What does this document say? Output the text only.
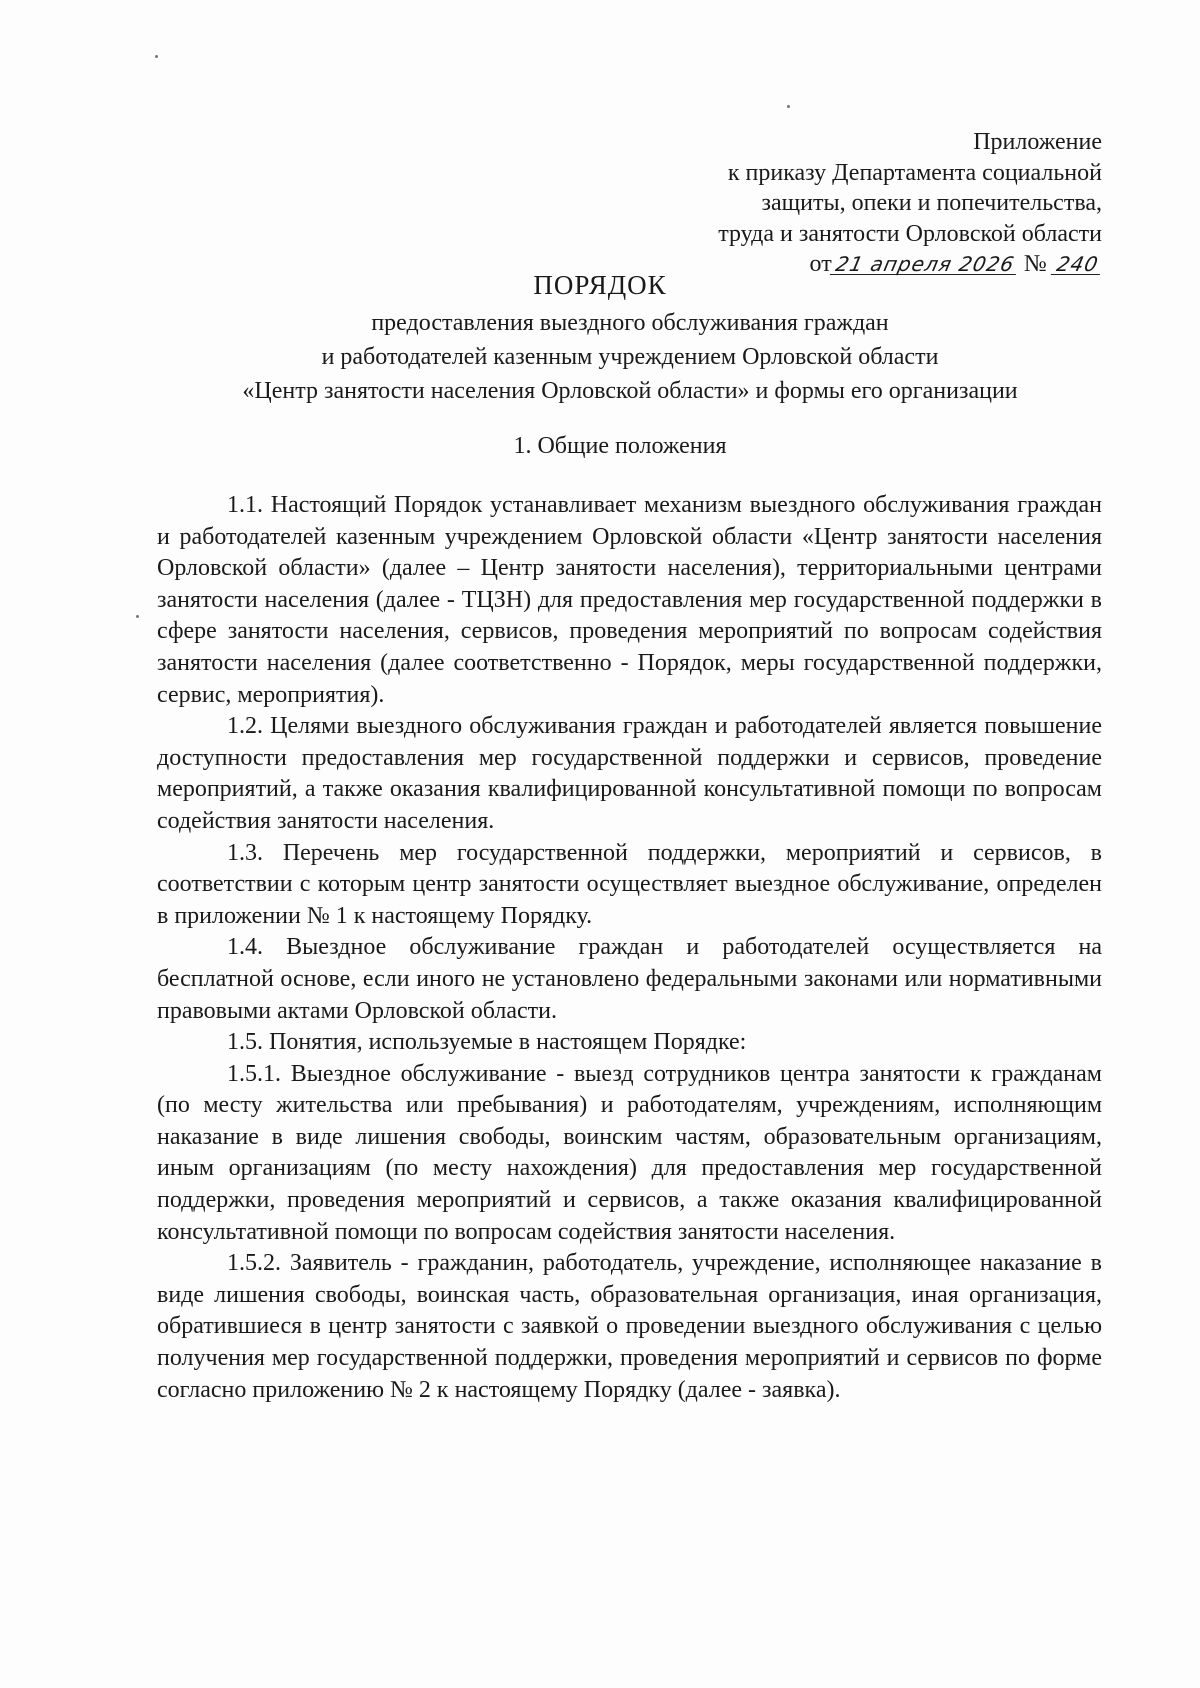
Приложение
к приказу Департамента социальной
защиты, опеки и попечительства,
труда и занятости Орловской области
от21 апреля 2026 № 240
ПОРЯДОК
предоставления выездного обслуживания граждан
и работодателей казенным учреждением Орловской области
«Центр занятости населения Орловской области» и формы его организации
1. Общие положения

1.1. Настоящий Порядок устанавливает механизм выездного обслуживания граждан и работодателей казенным учреждением Орловской области «Центр занятости населения Орловской области» (далее – Центр занятости населения), территориальными центрами занятости населения (далее - ТЦЗН) для предоставления мер государственной поддержки в сфере занятости населения, сервисов, проведения мероприятий по вопросам содействия занятости населения (далее соответственно - Порядок, меры государственной поддержки, сервис, мероприятия).

1.2. Целями выездного обслуживания граждан и работодателей является повышение доступности предоставления мер государственной поддержки и сервисов, проведение мероприятий, а также оказания квалифицированной консультативной помощи по вопросам содействия занятости населения.

1.3. Перечень мер государственной поддержки, мероприятий и сервисов, в соответствии с которым центр занятости осуществляет выездное обслуживание, определен в приложении № 1 к настоящему Порядку.

1.4. Выездное обслуживание граждан и работодателей осуществляется на бесплатной основе, если иного не установлено федеральными законами или нормативными правовыми актами Орловской области.

1.5. Понятия, используемые в настоящем Порядке:

1.5.1. Выездное обслуживание - выезд сотрудников центра занятости к гражданам (по месту жительства или пребывания) и работодателям, учреждениям, исполняющим наказание в виде лишения свободы, воинским частям, образовательным организациям, иным организациям (по месту нахождения) для предоставления мер государственной поддержки, проведения мероприятий и сервисов, а также оказания квалифицированной консультативной помощи по вопросам содействия занятости населения.

1.5.2. Заявитель - гражданин, работодатель, учреждение, исполняющее наказание в виде лишения свободы, воинская часть, образовательная организация, иная организация, обратившиеся в центр занятости с заявкой о проведении выездного обслуживания с целью получения мер государственной поддержки, проведения мероприятий и сервисов по форме согласно приложению № 2 к настоящему Порядку (далее - заявка).
